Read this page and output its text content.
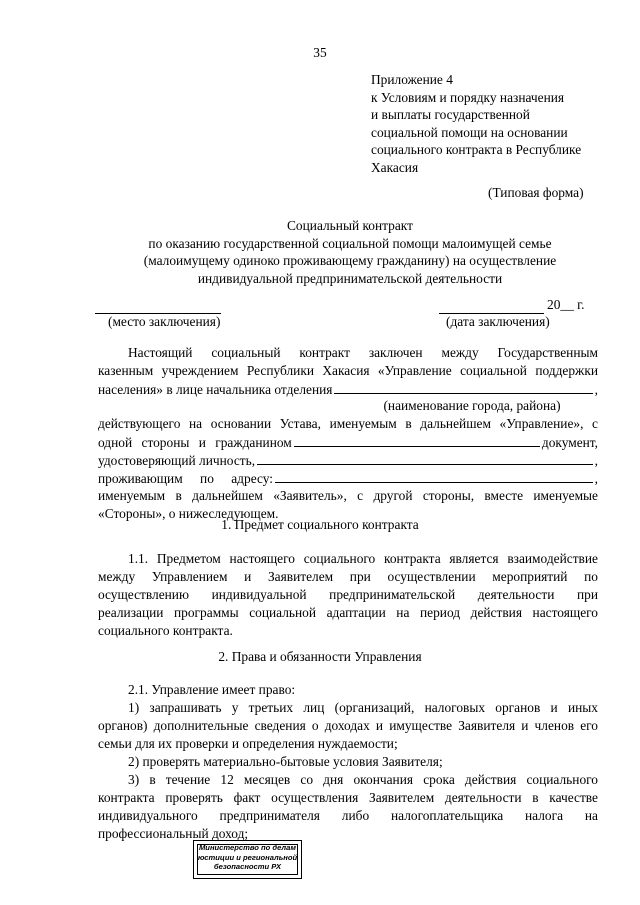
35
Приложение 4
к Условиям и порядку назначения
и выплаты государственной
социальной помощи на основании
социального контракта в Республике
Хакасия
(Типовая форма)
Социальный контракт
по оказанию государственной социальной помощи малоимущей семье
(малоимущему одиноко проживающему гражданину) на осуществление
индивидуальной предпринимательской деятельности
(место заключения)
20__ г.
(дата заключения)
Настоящий социальный контракт заключен между Государственным
казенным учреждением Республики Хакасия «Управление социальной поддержки
населения» в лице начальника отделения	,
(наименование города, района)
действующего на основании Устава, именуемым в дальнейшем «Управление», с
одной стороны и гражданином	документ,
удостоверяющий личность,	,
проживающим по адресу:	,
именуемым в дальнейшем «Заявитель», с другой стороны, вместе именуемые
«Стороны», о нижеследующем.
1. Предмет социального контракта
1.1. Предметом настоящего социального контракта является взаимодействие
между Управлением и Заявителем при осуществлении мероприятий по
осуществлению индивидуальной предпринимательской деятельности при
реализации программы социальной адаптации на период действия настоящего
социального контракта.
2. Права и обязанности Управления
2.1. Управление имеет право:
1) запрашивать у третьих лиц (организаций, налоговых органов и иных
органов) дополнительные сведения о доходах и имуществе Заявителя и членов его
семьи для их проверки и определения нуждаемости;
2) проверять материально-бытовые условия Заявителя;
3) в течение 12 месяцев со дня окончания срока действия социального
контракта проверять факт осуществления Заявителем деятельности в качестве
индивидуального предпринимателя либо налогоплательщика налога на
профессиональный доход;
Министерство по делам
юстиции и региональной
безопасности РХ
